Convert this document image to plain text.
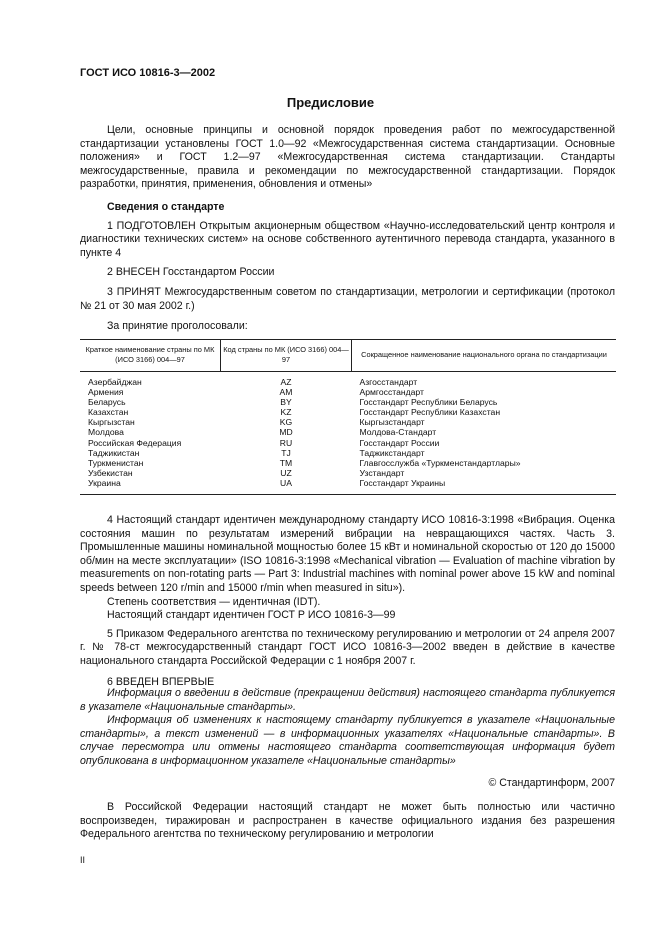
ГОСТ ИСО 10816-3—2002
Предисловие

Цели, основные принципы и основной порядок проведения работ по межгосударственной стандартизации установлены ГОСТ 1.0—92 «Межгосударственная система стандартизации. Основные положения» и ГОСТ 1.2—97 «Межгосударственная система стандартизации. Стандарты межгосударственные, правила и рекомендации по межгосударственной стандартизации. Порядок разработки, принятия, применения, обновления и отмены»

Сведения о стандарте

1 ПОДГОТОВЛЕН Открытым акционерным обществом «Научно-исследовательский центр контроля и диагностики технических систем» на основе собственного аутентичного перевода стандарта, указанного в пункте 4

2 ВНЕСЕН Госстандартом России

3 ПРИНЯТ Межгосударственным советом по стандартизации, метрологии и сертификации (протокол № 21 от 30 мая 2002 г.)

За принятие проголосовали:

Краткое наименование страны по МК (ИСО 3166) 004—97	Код страны по МК (ИСО 3166) 004—97	Сокращенное наименование национального органа по стандартизации
Азербайджан	AZ	Азгосстандарт
Армения	AM	Армгосстандарт
Беларусь	BY	Госстандарт Республики Беларусь
Казахстан	KZ	Госстандарт Республики Казахстан
Кыргызстан	KG	Кыргызстандарт
Молдова	MD	Молдова-Стандарт
Российская Федерация	RU	Госстандарт России
Таджикистан	TJ	Таджикстандарт
Туркменистан	TM	Главгосслужба «Туркменстандартлары»
Узбекистан	UZ	Узстандарт
Украина	UA	Госстандарт Украины

4 Настоящий стандарт идентичен международному стандарту ИСО 10816-3:1998 «Вибрация. Оценка состояния машин по результатам измерений вибрации на невращающихся частях. Часть 3. Промышленные машины номинальной мощностью более 15 кВт и номинальной скоростью от 120 до 15000 об/мин на месте эксплуатации» (ISO 10816-3:1998 «Mechanical vibration — Evaluation of machine vibration by measurements on non-rotating parts — Part 3: Industrial machines with nominal power above 15 kW and nominal speeds between 120 r/min and 15000 r/min when measured in situ»).

Степень соответствия — идентичная (IDT).

Настоящий стандарт идентичен ГОСТ Р ИСО 10816-3—99

5 Приказом Федерального агентства по техническому регулированию и метрологии от 24 апреля 2007 г. № 78-ст межгосударственный стандарт ГОСТ ИСО 10816-3—2002 введен в действие в качестве национального стандарта Российской Федерации с 1 ноября 2007 г.

6 ВВЕДЕН ВПЕРВЫЕ

Информация о введении в действие (прекращении действия) настоящего стандарта публикуется в указателе «Национальные стандарты».

Информация об изменениях к настоящему стандарту публикуется в указателе «Национальные стандарты», а текст изменений — в информационных указателях «Национальные стандарты». В случае пересмотра или отмены настоящего стандарта соответствующая информация будет опубликована в информационном указателе «Национальные стандарты»

© Стандартинформ, 2007

В Российской Федерации настоящий стандарт не может быть полностью или частично воспроизведен, тиражирован и распространен в качестве официального издания без разрешения Федерального агентства по техническому регулированию и метрологии

II
